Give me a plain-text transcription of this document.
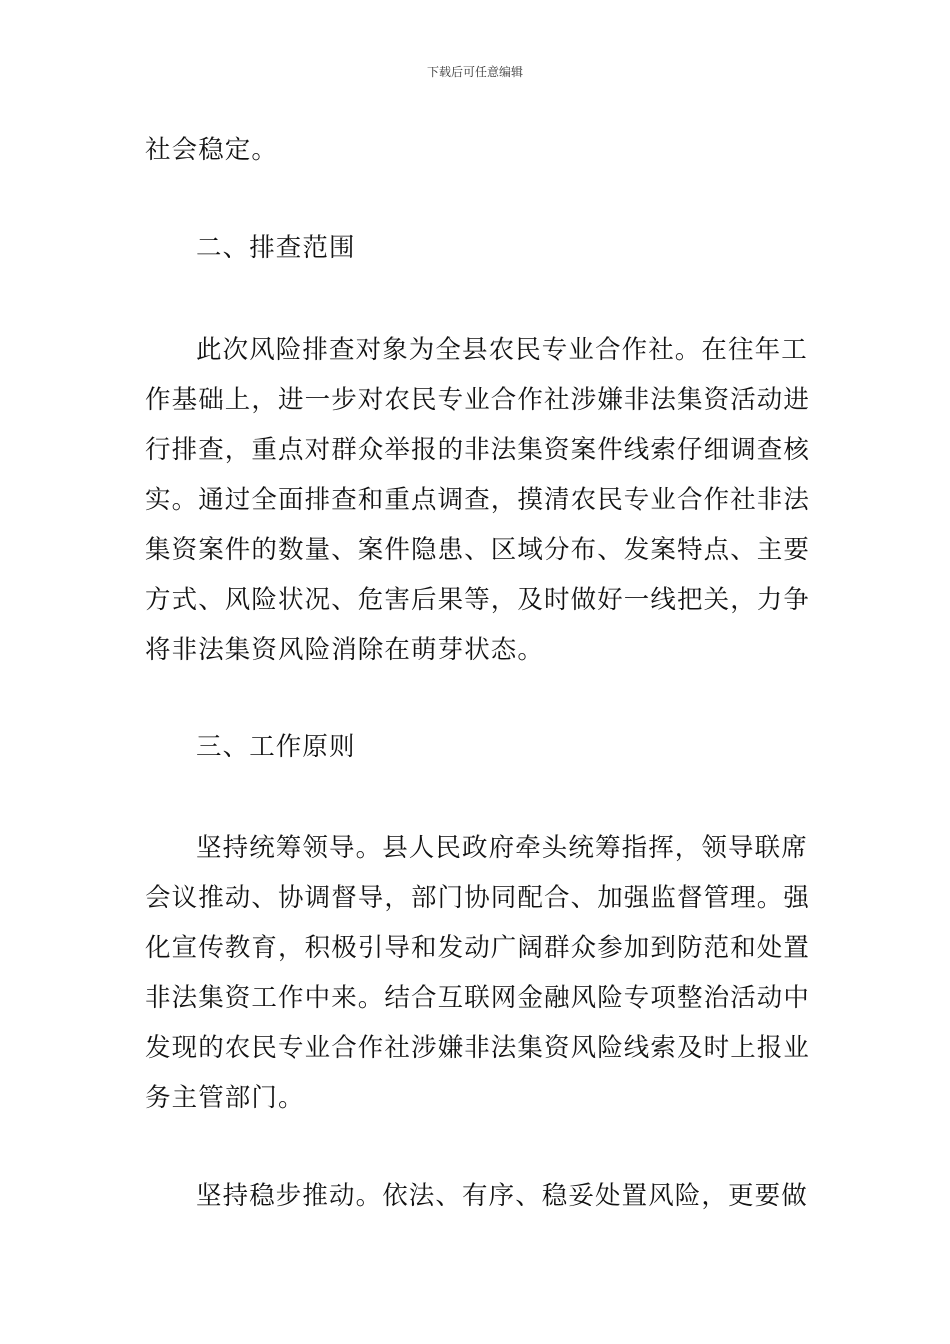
下载后可任意编辑
社会稳定。
二、排查范围
此次风险排查对象为全县农民专业合作社。在往年工
作基础上，进一步对农民专业合作社涉嫌非法集资活动进
行排查，重点对群众举报的非法集资案件线索仔细调查核
实。通过全面排查和重点调查，摸清农民专业合作社非法
集资案件的数量、案件隐患、区域分布、发案特点、主要
方式、风险状况、危害后果等，及时做好一线把关，力争
将非法集资风险消除在萌芽状态。
三、工作原则
坚持统筹领导。县人民政府牵头统筹指挥，领导联席
会议推动、协调督导，部门协同配合、加强监督管理。强
化宣传教育，积极引导和发动广阔群众参加到防范和处置
非法集资工作中来。结合互联网金融风险专项整治活动中
发现的农民专业合作社涉嫌非法集资风险线索及时上报业
务主管部门。
坚持稳步推动。依法、有序、稳妥处置风险，更要做
